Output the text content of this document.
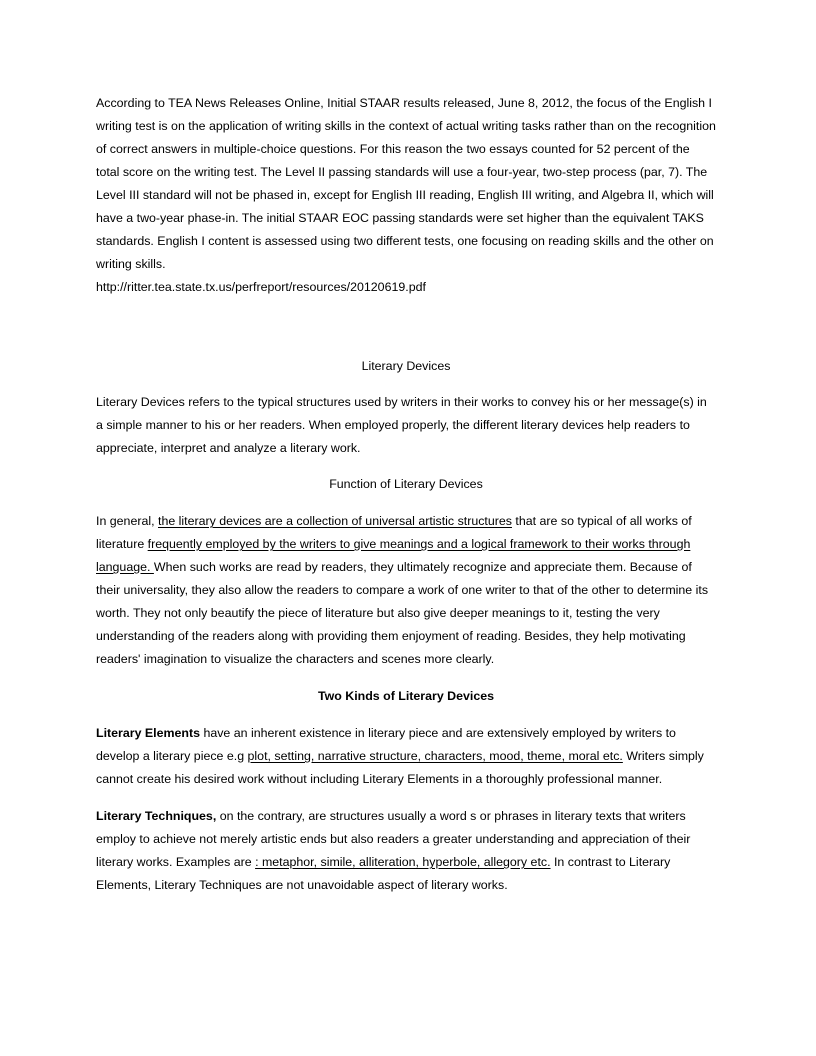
According to TEA News Releases Online, Initial STAAR results released, June 8, 2012, the focus of the English I writing test is on the application of writing skills in the context of actual writing tasks rather than on the recognition of correct answers in multiple-choice questions. For this reason the two essays counted for 52 percent of the total score on the writing test. The Level II passing standards will use a four-year, two-step process (par, 7). The Level III standard will not be phased in, except for English III reading, English III writing, and Algebra II, which will have a two-year phase-in. The initial STAAR EOC passing standards were set higher than the equivalent TAKS standards. English I content is assessed using two different tests, one focusing on reading skills and the other on writing skills.

http://ritter.tea.state.tx.us/perfreport/resources/20120619.pdf

Literary Devices

Literary Devices refers to the typical structures used by writers in their works to convey his or her message(s) in a simple manner to his or her readers. When employed properly, the different literary devices help readers to appreciate, interpret and analyze a literary work.

Function of Literary Devices

In general, the literary devices are a collection of universal artistic structures that are so typical of all works of literature frequently employed by the writers to give meanings and a logical framework to their works through language. When such works are read by readers, they ultimately recognize and appreciate them. Because of their universality, they also allow the readers to compare a work of one writer to that of the other to determine its worth. They not only beautify the piece of literature but also give deeper meanings to it, testing the very understanding of the readers along with providing them enjoyment of reading. Besides, they help motivating readers' imagination to visualize the characters and scenes more clearly.

Two Kinds of Literary Devices

Literary Elements have an inherent existence in literary piece and are extensively employed by writers to develop a literary piece e.g plot, setting, narrative structure, characters, mood, theme, moral etc. Writers simply cannot create his desired work without including Literary Elements in a thoroughly professional manner.

Literary Techniques, on the contrary, are structures usually a word s or phrases in literary texts that writers employ to achieve not merely artistic ends but also readers a greater understanding and appreciation of their literary works. Examples are : metaphor, simile, alliteration, hyperbole, allegory etc. In contrast to Literary Elements, Literary Techniques are not unavoidable aspect of literary works.
